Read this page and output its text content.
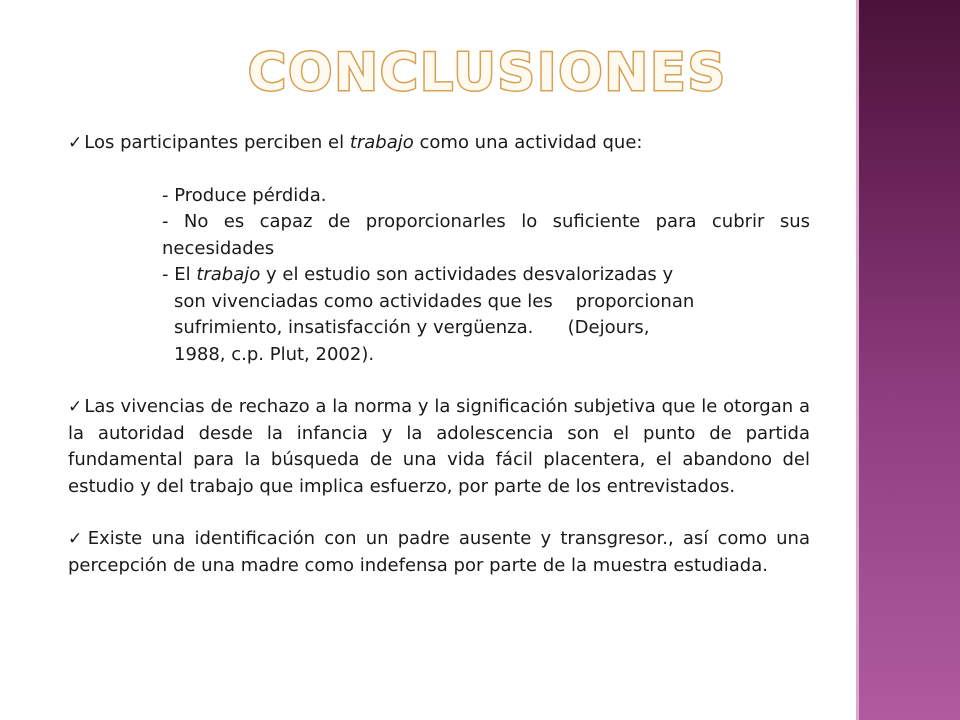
CONCLUSIONES
✓ Los participantes perciben el trabajo como una actividad que:

- Produce pérdida.

- No es capaz de proporcionarles lo suficiente para cubrir sus necesidades

- El trabajo y el estudio son actividades desvalorizadas y

son vivenciadas como actividades que les    proporcionan

sufrimiento, insatisfacción y vergüenza.      (Dejours,

1988, c.p. Plut, 2002).

✓ Las vivencias de rechazo a la norma y la significación subjetiva que le otorgan a la autoridad desde la infancia y la adolescencia son el punto de partida fundamental para la búsqueda de una vida fácil placentera, el abandono del estudio y del trabajo que implica esfuerzo, por parte de los entrevistados.
✓ Existe una identificación con un padre ausente y transgresor., así como una percepción de una madre como indefensa por parte de la muestra estudiada.
